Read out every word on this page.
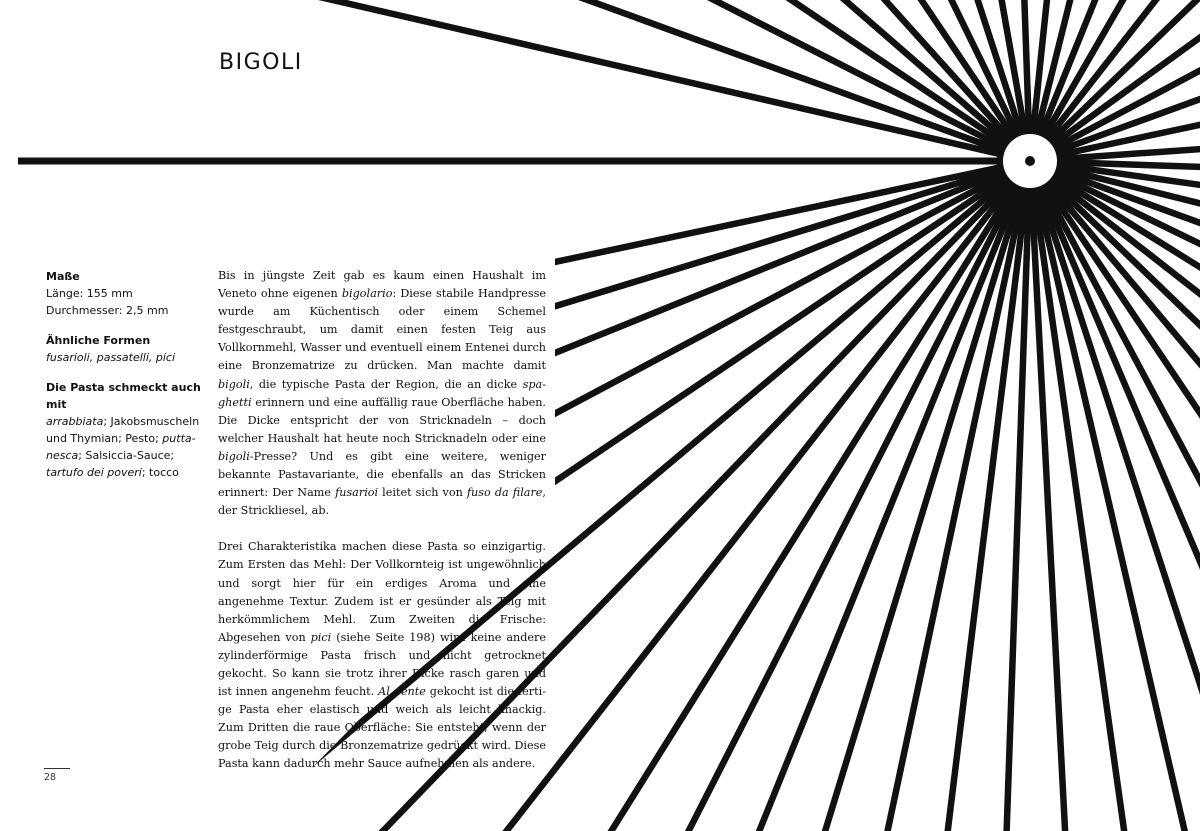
BIGOLI
Maße
Länge: 155 mm
Durchmesser: 2,5 mm
Ähnliche Formen
fusarioli, passatelli, pici
Die Pasta schmeckt auch mit
arrabbiata; Jakobsmuscheln und Thymian; Pesto; puttanesca; Salsiccia-Sauce; tartufo dei poveri; tocco

Bis in jüngste Zeit gab es kaum einen Haushalt im Veneto ohne eigenen bigolario: Diese stabile Handpresse wurde am Küchentisch oder einem Schemel festgeschraubt, um damit einen festen Teig aus Vollkornmehl, Wasser und eventuell einem Entenei durch eine Bronzematrize zu drücken. Man machte damit bigoli, die typische Pasta der Region, die an dicke spaghetti erinnern und eine auffällig raue Oberfläche haben. Die Dicke entspricht der von Stricknadeln – doch welcher Haushalt hat heute noch Stricknadeln oder eine bigoli-Presse? Und es gibt eine weitere, weniger bekannte Pastavariante, die ebenfalls an das Stricken erinnert: Der Name fusarioi leitet sich von fuso da filare, der Strickliesel, ab.

Drei Charakteristika machen diese Pasta so einzigartig. Zum Ersten das Mehl: Der Vollkornteig ist ungewöhnlich und sorgt hier für ein erdiges Aroma und eine angenehme Textur. Zudem ist er gesünder als Teig mit herkömmlichem Mehl. Zum Zweiten die Frische: Abgesehen von pici (siehe Seite 198) wird keine andere zylinderförmige Pasta frisch und nicht getrocknet gekocht. So kann sie trotz ihrer Dicke rasch garen und ist innen angenehm feucht. Al dente gekocht ist die fertige Pasta eher elastisch und weich als leicht knackig. Zum Dritten die raue Oberfläche: Sie entsteht, wenn der grobe Teig durch die Bronzematrize gedrückt wird. Diese Pasta kann dadurch mehr Sauce aufnehmen als andere.

28
